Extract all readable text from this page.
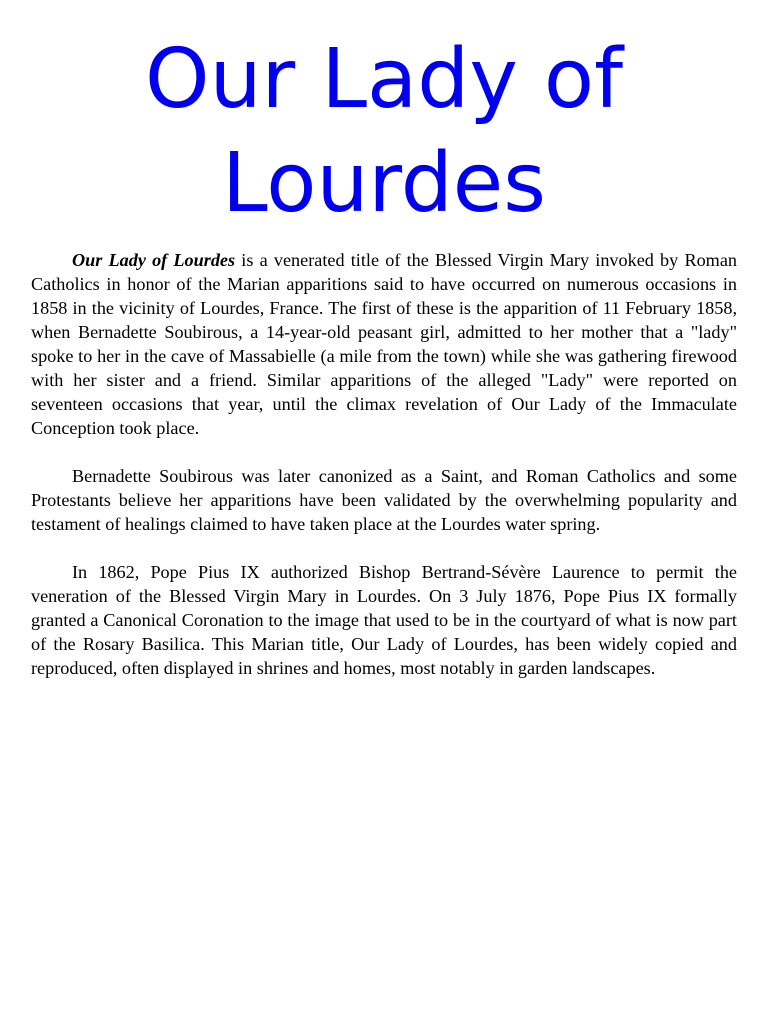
Our Lady of Lourdes

Our Lady of Lourdes is a venerated title of the Blessed Virgin Mary invoked by Roman Catholics in honor of the Marian apparitions said to have occurred on numerous occasions in 1858 in the vicinity of Lourdes, France. The first of these is the apparition of 11 February 1858, when Bernadette Soubirous, a 14-year-old peasant girl, admitted to her mother that a "lady" spoke to her in the cave of Massabielle (a mile from the town) while she was gathering firewood with her sister and a friend. Similar apparitions of the alleged "Lady" were reported on seventeen occasions that year, until the climax revelation of Our Lady of the Immaculate Conception took place.

Bernadette Soubirous was later canonized as a Saint, and Roman Catholics and some Protestants believe her apparitions have been validated by the overwhelming popularity and testament of healings claimed to have taken place at the Lourdes water spring.

In 1862, Pope Pius IX authorized Bishop Bertrand-Sévère Laurence to permit the veneration of the Blessed Virgin Mary in Lourdes. On 3 July 1876, Pope Pius IX formally granted a Canonical Coronation to the image that used to be in the courtyard of what is now part of the Rosary Basilica. This Marian title, Our Lady of Lourdes, has been widely copied and reproduced, often displayed in shrines and homes, most notably in garden landscapes.
